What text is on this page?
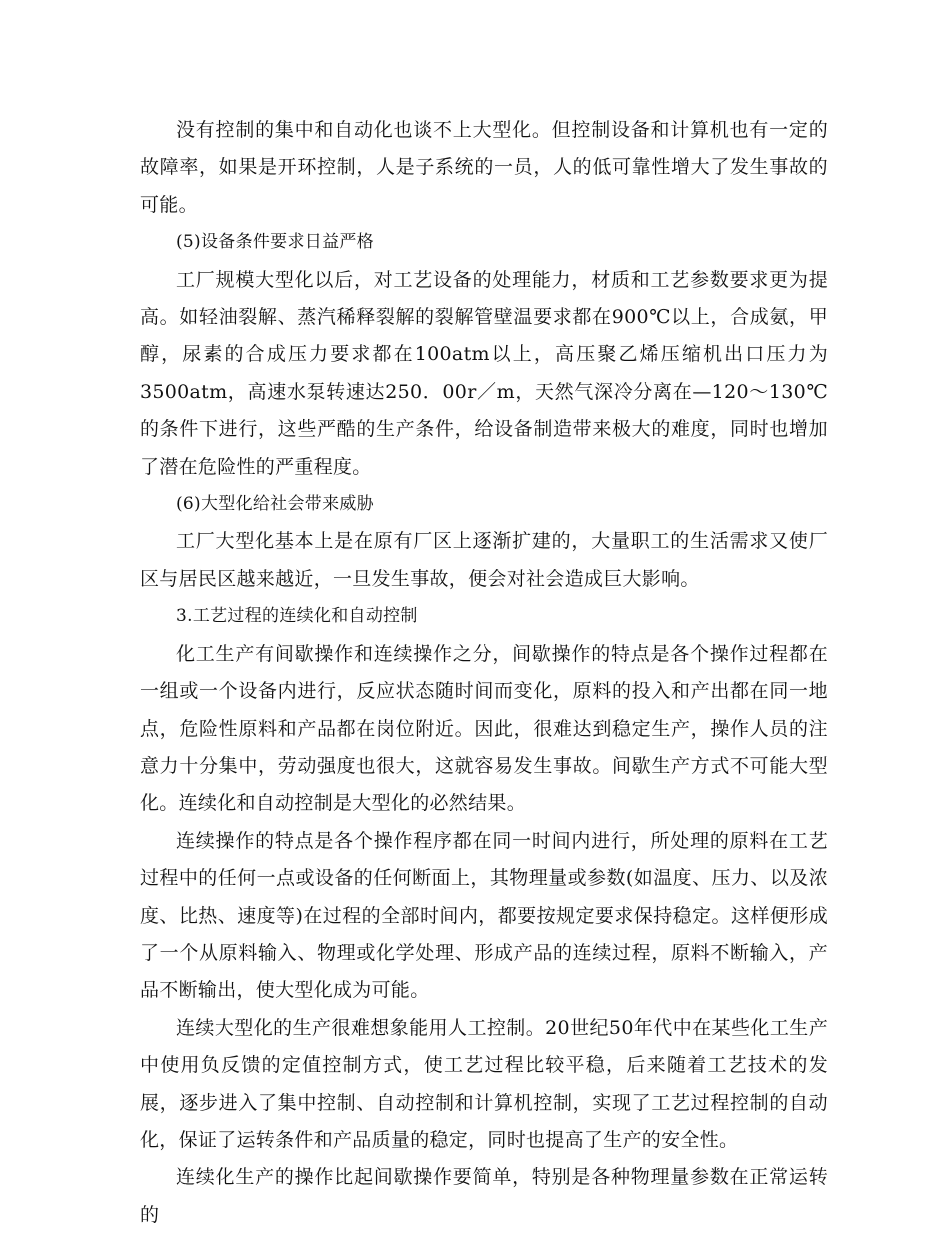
没有控制的集中和自动化也谈不上大型化。但控制设备和计算机也有一定的故障率，如果是开环控制，人是子系统的一员，人的低可靠性增大了发生事故的可能。

(5)设备条件要求日益严格

工厂规模大型化以后，对工艺设备的处理能力，材质和工艺参数要求更为提高。如轻油裂解、蒸汽稀释裂解的裂解管壁温要求都在900℃以上，合成氨，甲醇，尿素的合成压力要求都在100atm以上，高压聚乙烯压缩机出口压力为3500atm，高速水泵转速达250．00r／m，天然气深冷分离在—120～130℃的条件下进行，这些严酷的生产条件，给设备制造带来极大的难度，同时也增加了潜在危险性的严重程度。

(6)大型化给社会带来威胁

工厂大型化基本上是在原有厂区上逐渐扩建的，大量职工的生活需求又使厂区与居民区越来越近，一旦发生事故，便会对社会造成巨大影响。

3.工艺过程的连续化和自动控制

化工生产有间歇操作和连续操作之分，间歇操作的特点是各个操作过程都在一组或一个设备内进行，反应状态随时间而变化，原料的投入和产出都在同一地点，危险性原料和产品都在岗位附近。因此，很难达到稳定生产，操作人员的注意力十分集中，劳动强度也很大，这就容易发生事故。间歇生产方式不可能大型化。连续化和自动控制是大型化的必然结果。

连续操作的特点是各个操作程序都在同一时间内进行，所处理的原料在工艺过程中的任何一点或设备的任何断面上，其物理量或参数(如温度、压力、以及浓度、比热、速度等)在过程的全部时间内，都要按规定要求保持稳定。这样便形成了一个从原料输入、物理或化学处理、形成产品的连续过程，原料不断输入，产品不断输出，使大型化成为可能。

连续大型化的生产很难想象能用人工控制。20世纪50年代中在某些化工生产中使用负反馈的定值控制方式，使工艺过程比较平稳，后来随着工艺技术的发展，逐步进入了集中控制、自动控制和计算机控制，实现了工艺过程控制的自动化，保证了运转条件和产品质量的稳定，同时也提高了生产的安全性。

连续化生产的操作比起间歇操作要简单，特别是各种物理量参数在正常运转的
